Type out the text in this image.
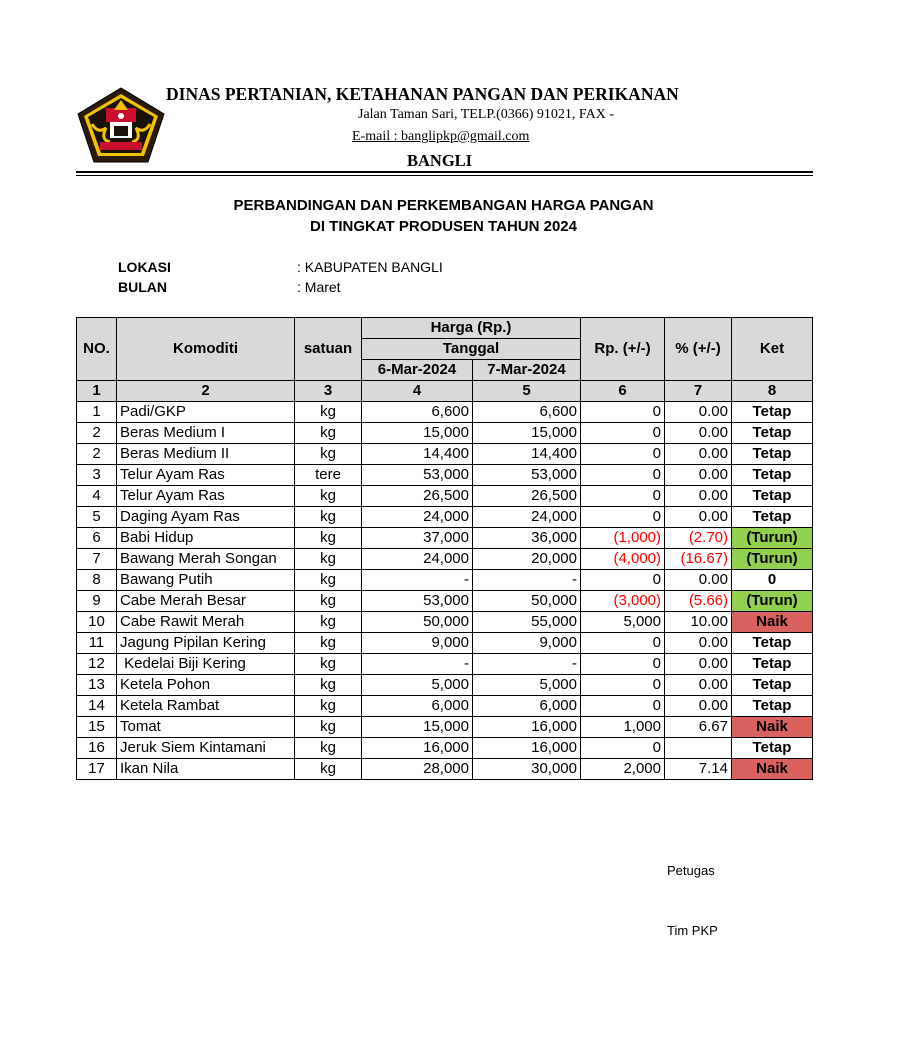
DINAS PERTANIAN, KETAHANAN PANGAN DAN PERIKANAN
Jalan Taman Sari, TELP.(0366) 91021, FAX -
E-mail : banglipkp@gmail.com
BANGLI
PERBANDINGAN DAN PERKEMBANGAN HARGA PANGAN
DI TINGKAT PRODUSEN TAHUN 2024
LOKASI	: KABUPATEN BANGLI
BULAN	: Maret
NO.	Komoditi	satuan	Harga (Rp.)		Rp. (+/-)	% (+/-)	Ket
			Tanggal				
			6-Mar-2024	7-Mar-2024			
1	2	3	4	5	6	7	8
1	Padi/GKP	kg	6,600	6,600	0	0.00	Tetap
2	Beras Medium I	kg	15,000	15,000	0	0.00	Tetap
2	Beras Medium II	kg	14,400	14,400	0	0.00	Tetap
3	Telur Ayam Ras	tere	53,000	53,000	0	0.00	Tetap
4	Telur Ayam Ras	kg	26,500	26,500	0	0.00	Tetap
5	Daging Ayam Ras	kg	24,000	24,000	0	0.00	Tetap
6	Babi Hidup	kg	37,000	36,000	(1,000)	(2.70)	(Turun)
7	Bawang Merah Songan	kg	24,000	20,000	(4,000)	(16.67)	(Turun)
8	Bawang Putih	kg	-	-	0	0.00	0
9	Cabe Merah Besar	kg	53,000	50,000	(3,000)	(5.66)	(Turun)
10	Cabe Rawit Merah	kg	50,000	55,000	5,000	10.00	Naik
11	Jagung Pipilan Kering	kg	9,000	9,000	0	0.00	Tetap
12	Kedelai Biji Kering	kg	-	-	0	0.00	Tetap
13	Ketela Pohon	kg	5,000	5,000	0	0.00	Tetap
14	Ketela Rambat	kg	6,000	6,000	0	0.00	Tetap
15	Tomat	kg	15,000	16,000	1,000	6.67	Naik
16	Jeruk Siem Kintamani	kg	16,000	16,000	0		Tetap
17	Ikan Nila	kg	28,000	30,000	2,000	7.14	Naik
Petugas
Tim PKP
